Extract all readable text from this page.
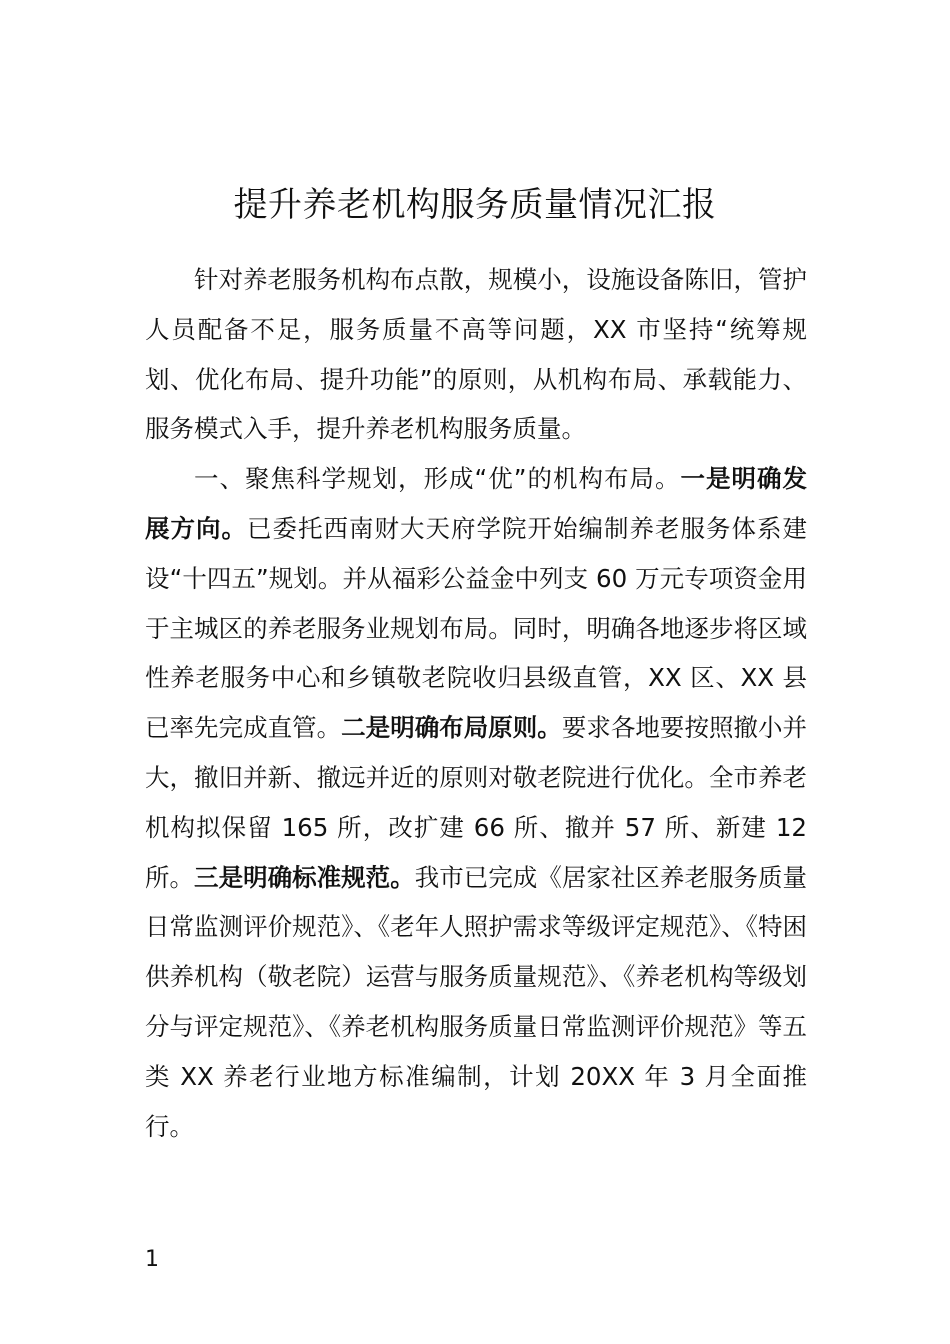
提升养老机构服务质量情况汇报

针对养老服务机构布点散，规模小，设施设备陈旧，管护人员配备不足，服务质量不高等问题，XX 市坚持“统筹规划、优化布局、提升功能”的原则，从机构布局、承载能力、服务模式入手，提升养老机构服务质量。

一、聚焦科学规划，形成“优”的机构布局。一是明确发展方向。已委托西南财大天府学院开始编制养老服务体系建设“十四五”规划。并从福彩公益金中列支 60 万元专项资金用于主城区的养老服务业规划布局。同时，明确各地逐步将区域性养老服务中心和乡镇敬老院收归县级直管，XX 区、XX 县已率先完成直管。二是明确布局原则。要求各地要按照撤小并大，撤旧并新、撤远并近的原则对敬老院进行优化。全市养老机构拟保留 165 所，改扩建 66 所、撤并 57 所、新建 12 所。三是明确标准规范。我市已完成《居家社区养老服务质量日常监测评价规范》、《老年人照护需求等级评定规范》、《特困供养机构（敬老院）运营与服务质量规范》、《养老机构等级划分与评定规范》、《养老机构服务质量日常监测评价规范》等五类 XX 养老行业地方标准编制，计划 20XX 年 3 月全面推行。

1
